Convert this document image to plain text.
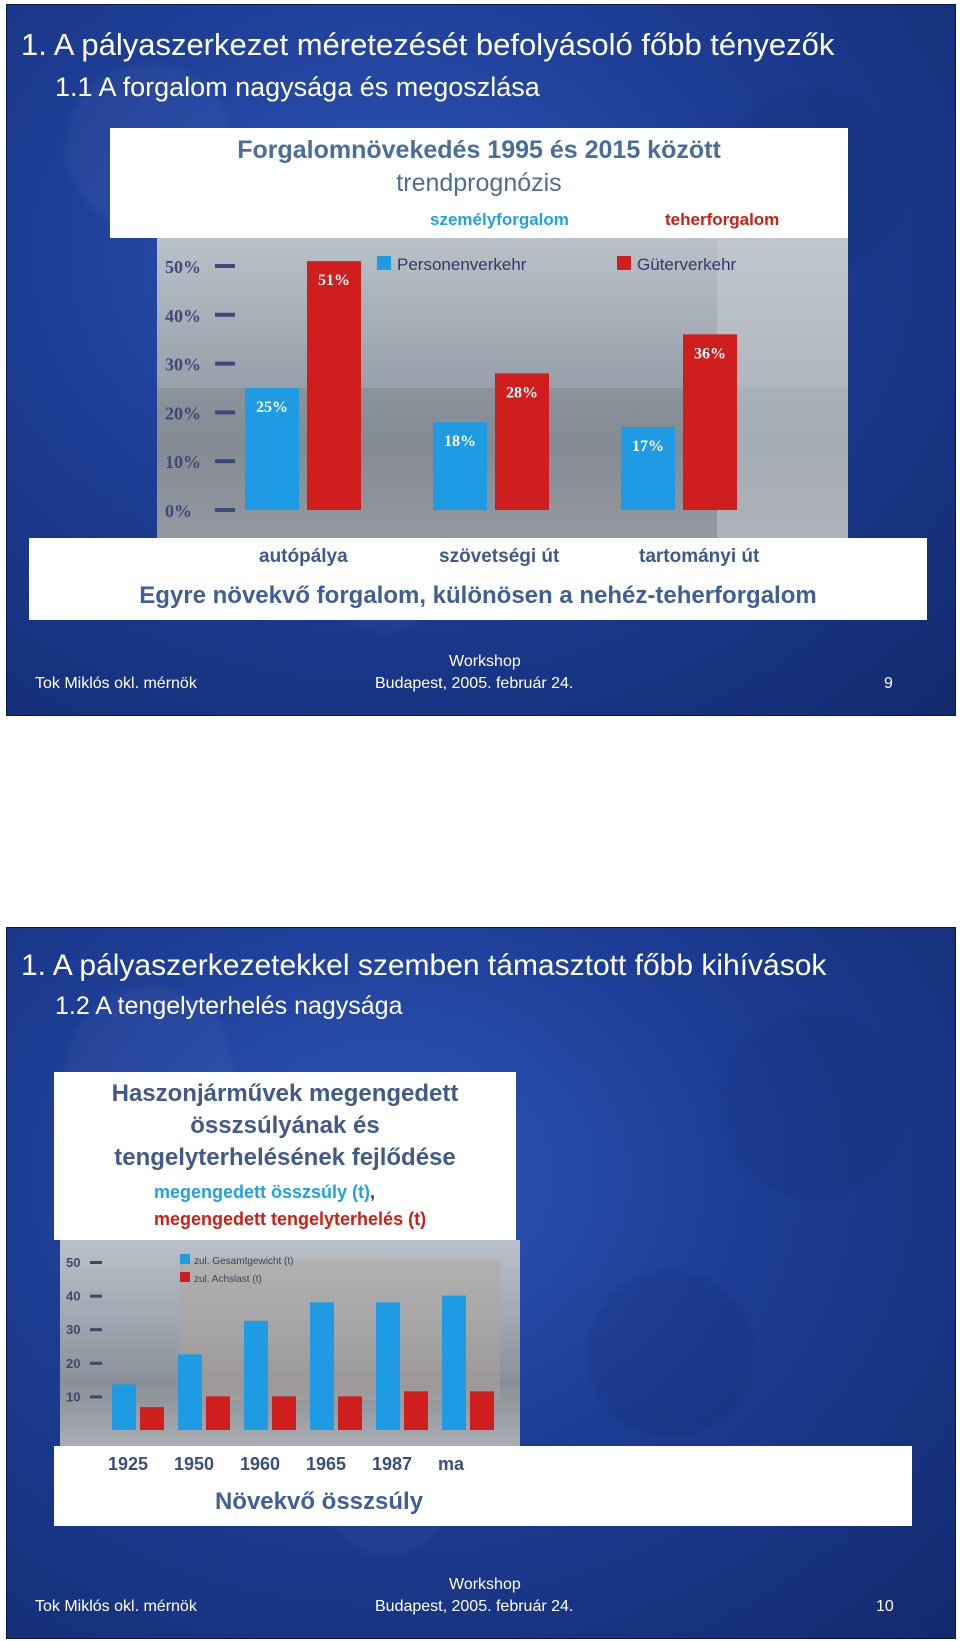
1. A pályaszerkezet méretezését befolyásoló főbb tényezők
1.1 A forgalom nagysága és megoszlása
Forgalomnövekedés 1995 és 2015 között
trendprognózis
személyforgalom	teherforgalom
0%
10%
20%
30%
40%
50%	Personenverkehr	Güterverkehr
25%
51%
18%
28%
17%
36%
autópálya	szövetségi út	tartományi út
Egyre növekvő forgalom, különösen a nehéz-teherforgalom
Tok Miklós okl. mérnök
Workshop
Budapest, 2005. február 24.	9
1. A pályaszerkezetekkel szemben támasztott főbb kihívások
1.2 A tengelyterhelés nagysága
Haszonjárművek megengedett
összsúlyának és
tengelyterhelésének fejlődése
megengedett összsúly (t),
megengedett tengelyterhelés (t)
10
20
30
40
50	zul. Gesamtgewicht (t)
zul. Achslast (t)
1925 1950 1960 1965 1987 ma
Növekvő összsúly
Tok Miklós okl. mérnök
Workshop
Budapest, 2005. február 24.	10
